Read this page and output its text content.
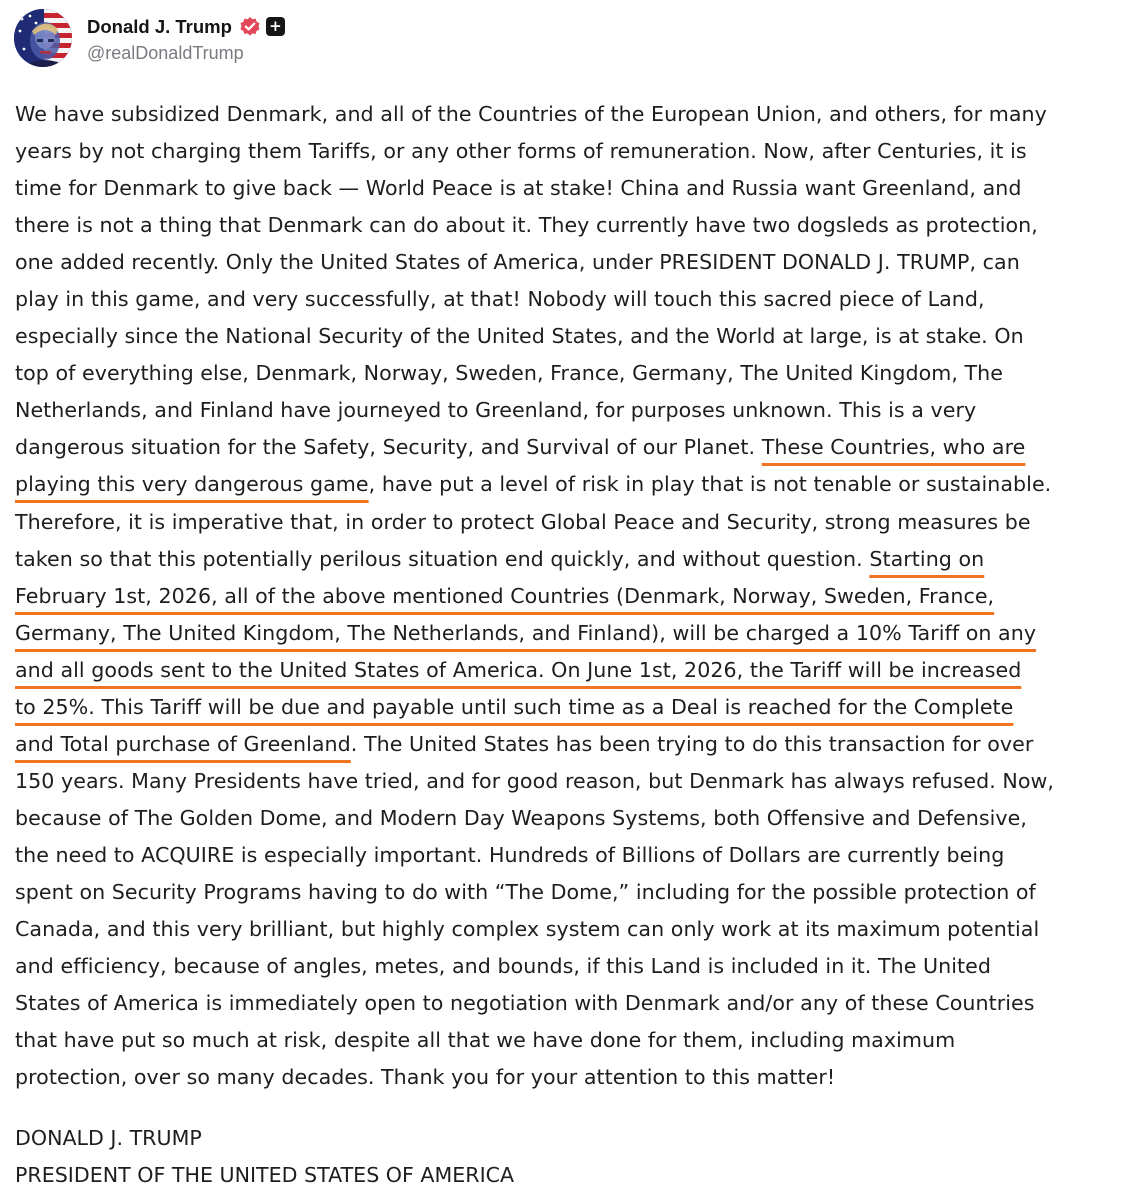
Donald J. Trump +
@realDonaldTrump
We have subsidized Denmark, and all of the Countries of the European Union, and others, for many
years by not charging them Tariffs, or any other forms of remuneration. Now, after Centuries, it is
time for Denmark to give back — World Peace is at stake! China and Russia want Greenland, and
there is not a thing that Denmark can do about it. They currently have two dogsleds as protection,
one added recently. Only the United States of America, under PRESIDENT DONALD J. TRUMP, can
play in this game, and very successfully, at that! Nobody will touch this sacred piece of Land,
especially since the National Security of the United States, and the World at large, is at stake. On
top of everything else, Denmark, Norway, Sweden, France, Germany, The United Kingdom, The
Netherlands, and Finland have journeyed to Greenland, for purposes unknown. This is a very
dangerous situation for the Safety, Security, and Survival of our Planet. These Countries, who are
playing this very dangerous game, have put a level of risk in play that is not tenable or sustainable.
Therefore, it is imperative that, in order to protect Global Peace and Security, strong measures be
taken so that this potentially perilous situation end quickly, and without question. Starting on
February 1st, 2026, all of the above mentioned Countries (Denmark, Norway, Sweden, France,
Germany, The United Kingdom, The Netherlands, and Finland), will be charged a 10% Tariff on any
and all goods sent to the United States of America. On June 1st, 2026, the Tariff will be increased
to 25%. This Tariff will be due and payable until such time as a Deal is reached for the Complete
and Total purchase of Greenland. The United States has been trying to do this transaction for over
150 years. Many Presidents have tried, and for good reason, but Denmark has always refused. Now,
because of The Golden Dome, and Modern Day Weapons Systems, both Offensive and Defensive,
the need to ACQUIRE is especially important. Hundreds of Billions of Dollars are currently being
spent on Security Programs having to do with “The Dome,” including for the possible protection of
Canada, and this very brilliant, but highly complex system can only work at its maximum potential
and efficiency, because of angles, metes, and bounds, if this Land is included in it. The United
States of America is immediately open to negotiation with Denmark and/or any of these Countries
that have put so much at risk, despite all that we have done for them, including maximum
protection, over so many decades. Thank you for your attention to this matter!
DONALD J. TRUMP
PRESIDENT OF THE UNITED STATES OF AMERICA
